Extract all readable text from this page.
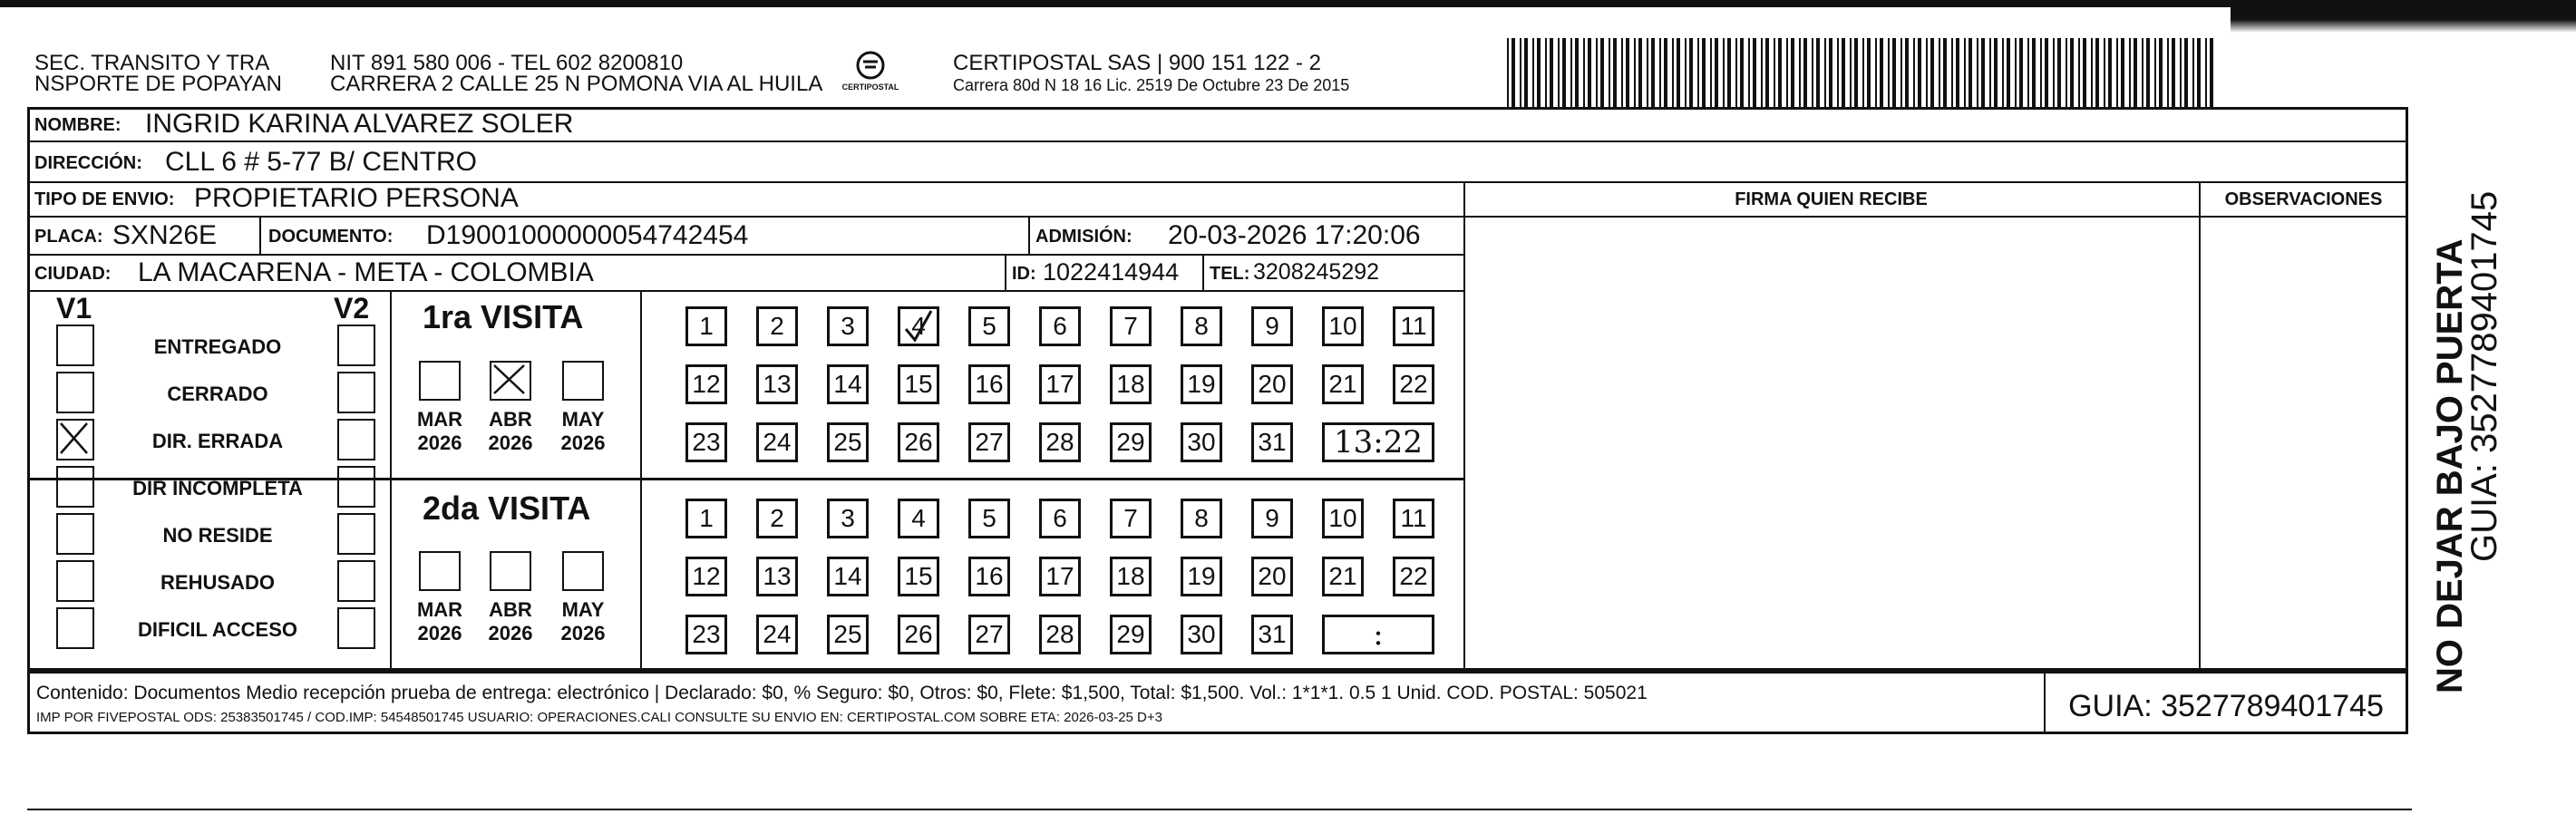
SEC. TRANSITO Y TRA
NSPORTE DE POPAYAN
NIT 891 580 006 - TEL 602 8200810
CARRERA 2 CALLE 25 N POMONA VIA AL HUILA	CERTIPOSTAL
CERTIPOSTAL SAS | 900 151 122 - 2
Carrera 80d N 18 16 Lic. 2519 De Octubre 23 De 2015
NOMBRE: INGRID KARINA ALVAREZ SOLER
DIRECCIÓN: CLL 6 # 5-77 B/ CENTRO
TIPO DE ENVIO: PROPIETARIO PERSONA	FIRMA QUIEN RECIBE	OBSERVACIONES
PLACA: SXN26E	DOCUMENTO: D19001000000054742454	ADMISIÓN: 20-03-2026 17:20:06
CIUDAD: LA MACARENA - META - COLOMBIA	ID: 1022414944 TEL: 3208245292
V1	V2 1ra VISITA
2da VISITA
Contenido: Documentos Medio recepción prueba de entrega: electrónico | Declarado: $0, % Seguro: $0, Otros: $0, Flete: $1,500, Total: $1,500. Vol.: 1*1*1. 0.5 1 Unid. COD. POSTAL: 505021
IMP POR FIVEPOSTAL ODS: 25383501745 / COD.IMP: 54548501745 USUARIO: OPERACIONES.CALI CONSULTE SU ENVIO EN: CERTIPOSTAL.COM SOBRE ETA: 2026-03-25 D+3	GUIA: 3527789401745
NO DEJAR BAJO PUERTA
GUIA: 3527789401745
ENTREGADO
CERRADO
DIR. ERRADA
DIR INCOMPLETA
NO RESIDE
REHUSADO
DIFICIL ACCESO
MAR
2026
ABR
2026
MAY
2026
MAR
2026
ABR
2026
MAY
2026
1	2	3	4	5	6	7	8	9	10	11
12 13 14 15 16 17 18 19 20 21 22
23 24 25 26 27 28 29 30 31	13:22
1	2	3	4	5	6	7	8	9	10	11
12 13 14 15 16 17 18 19 20 21 22
23 24 25 26 27 28 29 30 31	:
